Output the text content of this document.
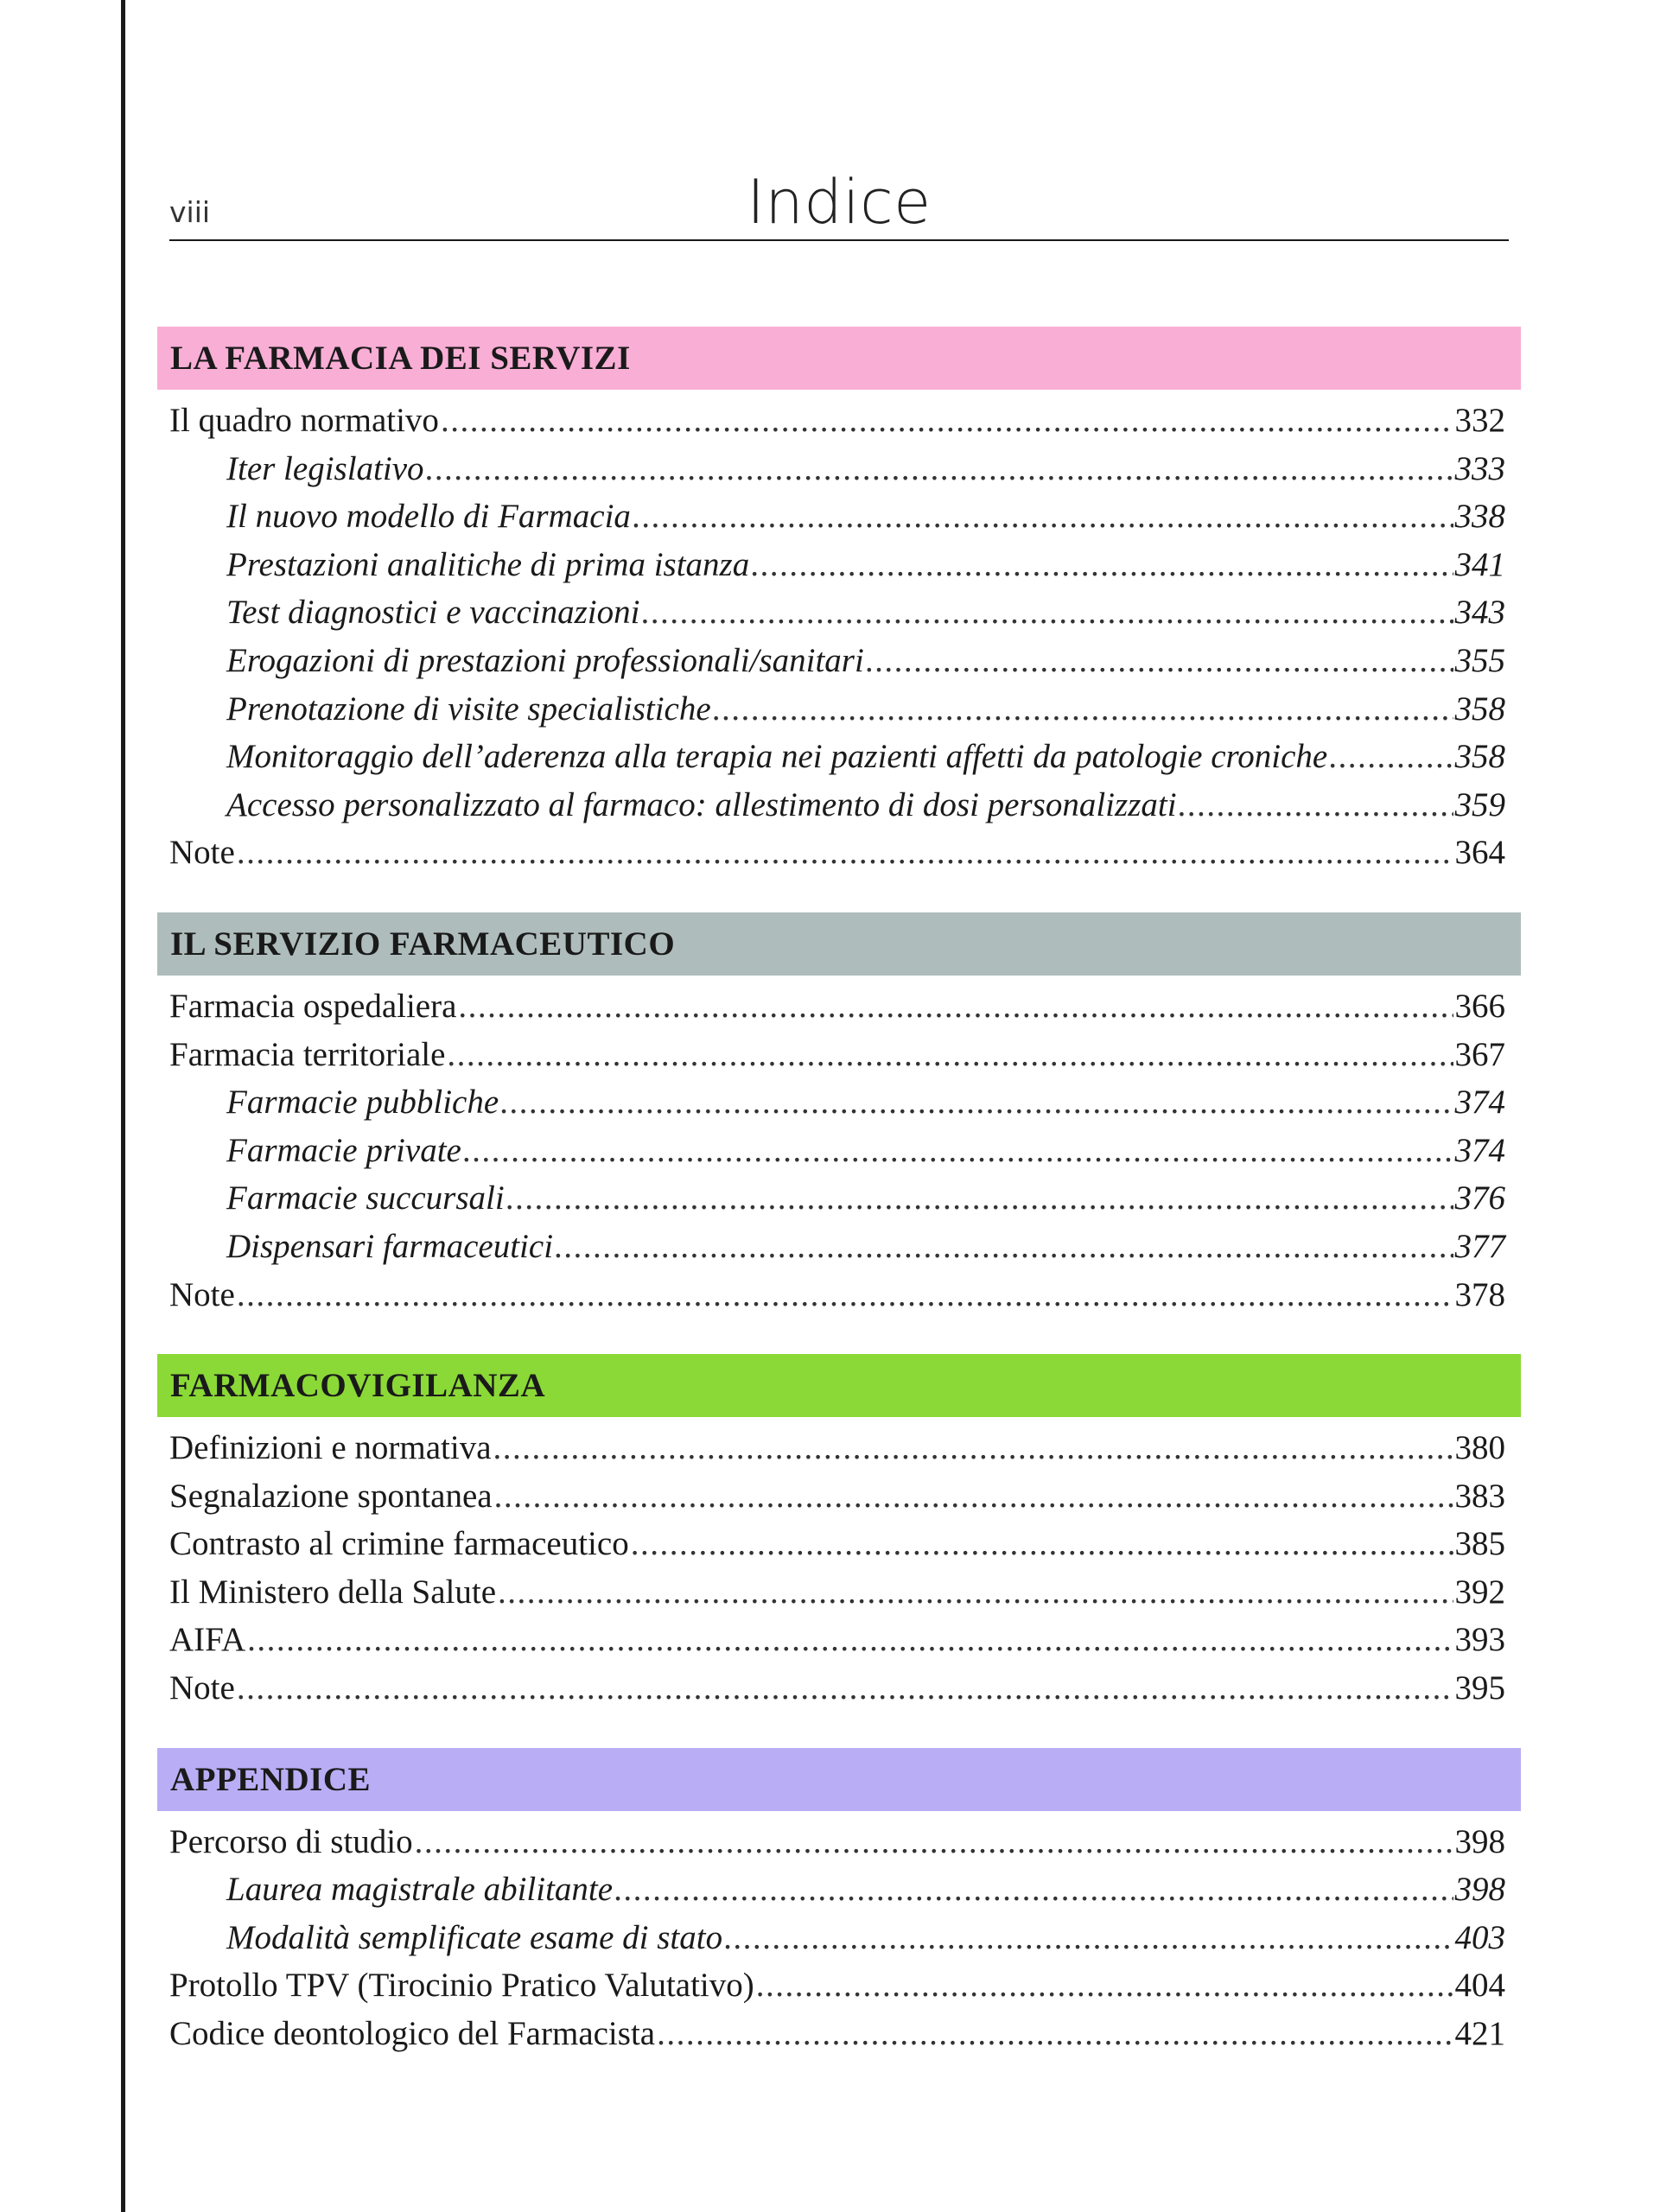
viii	Indice
LA FARMACIA DEI SERVIZI
Il quadro normativo .....	332
Iter legislativo .....	333
Il nuovo modello di Farmacia .....	338
Prestazioni analitiche di prima istanza .....	341
Test diagnostici e vaccinazioni .....	343
Erogazioni di prestazioni professionali/sanitari .....	355
Prenotazione di visite specialistiche .....	358
Monitoraggio dell’aderenza alla terapia nei pazienti affetti da patologie croniche .....	358
Accesso personalizzato al farmaco: allestimento di dosi personalizzati .....	359
Note .....	364
IL SERVIZIO FARMACEUTICO
Farmacia ospedaliera .....	366
Farmacia territoriale .....	367
Farmacie pubbliche .....	374
Farmacie private .....	374
Farmacie succursali .....	376
Dispensari farmaceutici .....	377
Note .....	378
FARMACOVIGILANZA
Definizioni e normativa .....	380
Segnalazione spontanea .....	383
Contrasto al crimine farmaceutico .....	385
Il Ministero della Salute .....	392
AIFA .....	393
Note .....	395
APPENDICE
Percorso di studio .....	398
Laurea magistrale abilitante .....	398
Modalità semplificate esame di stato .....	403
Protollo TPV (Tirocinio Pratico Valutativo) .....	404
Codice deontologico del Farmacista .....	421
